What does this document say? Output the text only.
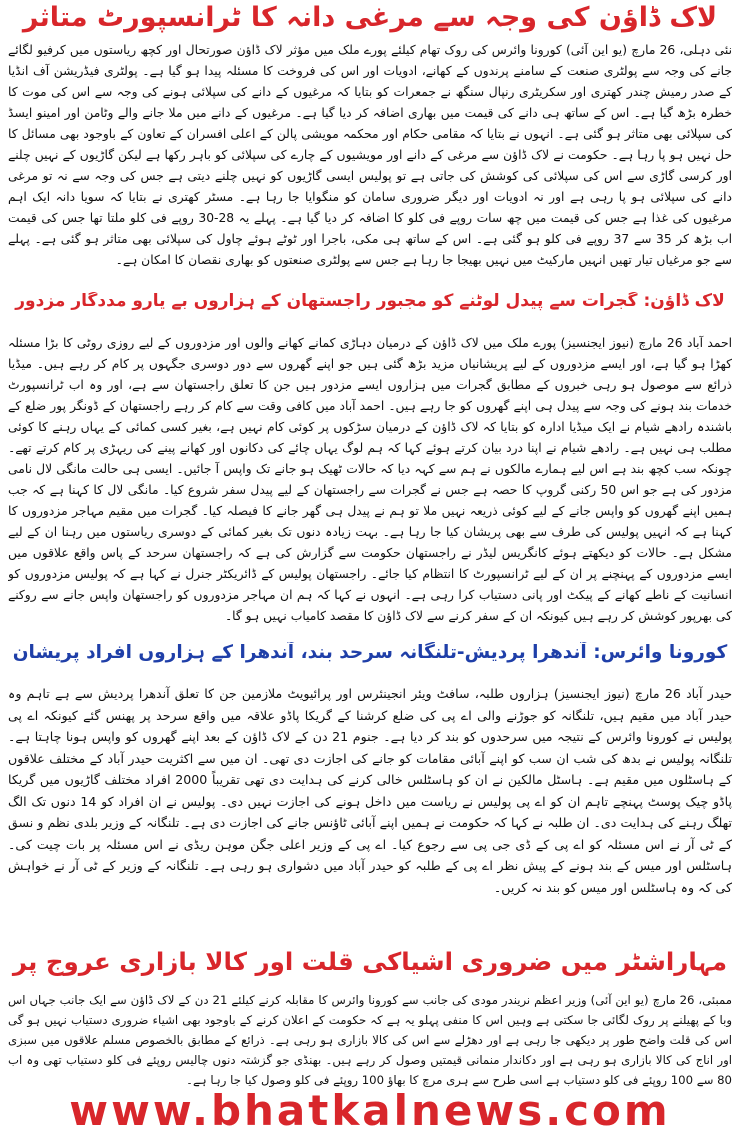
لاک ڈاؤن کی وجہ سے مرغی دانہ کا ٹرانسپورٹ متاثر
نئی دہلی، 26 مارچ (یو این آئی) کورونا وائرس کی روک تھام کیلئے پورے ملک میں مؤثر لاک ڈاؤن صورتحال اور کچھ ریاستوں میں کرفیو لگائے جانے کی وجہ سے پولٹری صنعت کے سامنے پرندوں کے کھانے، ادویات اور اس کی فروخت کا مسئلہ پیدا ہو گیا ہے۔ پولٹری فیڈریشن آف انڈیا کے صدر رمیش چندر کھتری اور سکریٹری رنپال سنگھ نے جمعرات کو بتایا کہ مرغیوں کے دانے کی سپلائی ہونے کی وجہ سے اس کی موت کا خطرہ بڑھ گیا ہے۔ اس کے ساتھ ہی دانے کی قیمت میں بھاری اضافہ کر دیا گیا ہے۔ مرغیوں کے دانے میں ملا جانے والے وٹامن اور امینو ایسڈ کی سپلائی بھی متاثر ہو گئی ہے۔ انہوں نے بتایا کہ مقامی حکام اور محکمہ مویشی پالن کے اعلی افسران کے تعاون کے باوجود بھی مسائل کا حل نہیں ہو پا رہا ہے۔ حکومت نے لاک ڈاؤن سے مرغی کے دانے اور مویشیوں کے چارے کی سپلائی کو باہر رکھا ہے لیکن گاڑیوں کے نہیں چلنے اور کرسی گاڑی سے اس کی سپلائی کی کوشش کی جاتی ہے تو پولیس ایسی گاڑیوں کو نہیں چلنے دیتی ہے جس کی وجہ سے نہ تو مرغی دانے کی سپلائی ہو پا رہی ہے اور نہ ادویات اور دیگر ضروری سامان کو منگوایا جا رہا ہے۔ مسٹر کھتری نے بتایا کہ سویا دانہ ایک اہم مرغیوں کی غذا ہے جس کی قیمت میں چھ سات روپے فی کلو کا اضافہ کر دیا گیا ہے۔ پہلے یہ 28-30 روپے فی کلو ملتا تھا جس کی قیمت اب بڑھ کر 35 سے 37 روپے فی کلو ہو گئی ہے۔ اس کے ساتھ ہی مکی، باجرا اور ٹوٹے ہوئے چاول کی سپلائی بھی متاثر ہو گئی ہے۔ پہلے سے جو مرغیاں تیار تھیں انہیں مارکیٹ میں نہیں بھیجا جا رہا ہے جس سے پولٹری صنعتوں کو بھاری نقصان کا امکان ہے۔
لاک ڈاؤن: گجرات سے پیدل لوٹنے کو مجبور راجستھان کے ہزاروں بے یارو مددگار مزدور
احمد آباد 26 مارچ (نیوز ایجنسیز) پورے ملک میں لاک ڈاؤن کے درمیان دہاڑی کمانے کھانے والوں اور مزدوروں کے لیے روزی روٹی کا بڑا مسئلہ کھڑا ہو گیا ہے، اور ایسے مزدوروں کے لیے پریشانیاں مزید بڑھ گئی ہیں جو اپنے گھروں سے دور دوسری جگہوں پر کام کر رہے ہیں۔ میڈیا ذرائع سے موصول ہو رہی خبروں کے مطابق گجرات میں ہزاروں ایسے مزدور ہیں جن کا تعلق راجستھان سے ہے، اور وہ اب ٹرانسپورٹ خدمات بند ہونے کی وجہ سے پیدل ہی اپنے گھروں کو جا رہے ہیں۔ احمد آباد میں کافی وقت سے کام کر رہے راجستھان کے ڈونگر پور ضلع کے باشندہ رادھے شیام نے ایک میڈیا ادارہ کو بتایا کہ لاک ڈاؤن کے درمیان سڑکوں پر کوئی کام نہیں ہے، بغیر کسی کمائی کے یہاں رہنے کا کوئی مطلب ہی نہیں ہے۔ رادھے شیام نے اپنا درد بیان کرتے ہوئے کہا کہ ہم لوگ یہاں چائے کی دکانوں اور کھانے پینے کی ریہڑی پر کام کرتے تھے۔ چونکہ سب کچھ بند ہے اس لیے ہمارے مالکوں نے ہم سے کہہ دیا کہ حالات ٹھیک ہو جانے تک واپس آ جائیں۔ ایسی ہی حالت مانگی لال نامی مزدور کی ہے جو اس 50 رکنی گروپ کا حصہ ہے جس نے گجرات سے راجستھان کے لیے پیدل سفر شروع کیا۔ مانگی لال کا کہنا ہے کہ جب ہمیں اپنے گھروں کو واپس جانے کے لیے کوئی ذریعہ نہیں ملا تو ہم نے پیدل ہی گھر جانے کا فیصلہ کیا۔ گجرات میں مقیم مہاجر مزدوروں کا کہنا ہے کہ انہیں پولیس کی طرف سے بھی پریشان کیا جا رہا ہے۔ بہت زیادہ دنوں تک بغیر کمائی کے دوسری ریاستوں میں رہنا ان کے لیے مشکل ہے۔ حالات کو دیکھتے ہوئے کانگریس لیڈر نے راجستھان حکومت سے گزارش کی ہے کہ راجستھان سرحد کے پاس واقع علاقوں میں ایسے مزدوروں کے پہنچنے پر ان کے لیے ٹرانسپورٹ کا انتظام کیا جائے۔ راجستھان پولیس کے ڈائریکٹر جنرل نے کہا ہے کہ پولیس مزدوروں کو انسانیت کے ناطے کھانے کے پیکٹ اور پانی دستیاب کرا رہی ہے۔ انہوں نے کہا کہ ہم ان مہاجر مزدوروں کو راجستھان واپس جانے سے روکنے کی بھرپور کوشش کر رہے ہیں کیونکہ ان کے سفر کرنے سے لاک ڈاؤن کا مقصد کامیاب نہیں ہو گا۔
کورونا وائرس: آندھرا پردیش-تلنگانہ سرحد بند، آندھرا کے ہزاروں افراد پریشان
حیدر آباد 26 مارچ (نیوز ایجنسیز) ہزاروں طلبہ، سافٹ ویئر انجینئرس اور پرائیویٹ ملازمین جن کا تعلق آندھرا پردیش سے ہے تاہم وہ حیدر آباد میں مقیم ہیں، تلنگانہ کو جوڑنے والی اے پی کی ضلع کرشنا کے گریکا پاڈو علاقہ میں واقع سرحد پر پھنس گئے کیونکہ اے پی پولیس نے کورونا وائرس کے نتیجہ میں سرحدوں کو بند کر دیا ہے۔ جنوم 21 دن کے لاک ڈاؤن کے بعد اپنے گھروں کو واپس ہونا چاہتا ہے۔ تلنگانہ پولیس نے بدھ کی شب ان سب کو اپنے آبائی مقامات کو جانے کی اجازت دی تھی۔ ان میں سے اکثریت حیدر آباد کے مختلف علاقوں کے ہاسٹلوں میں مقیم ہے۔ ہاسٹل مالکین نے ان کو ہاسٹلس خالی کرنے کی ہدایت دی تھی تقریباً 2000 افراد مختلف گاڑیوں میں گریکا پاڈو چیک پوسٹ پہنچے تاہم ان کو اے پی پولیس نے ریاست میں داخل ہونے کی اجازت نہیں دی۔ پولیس نے ان افراد کو 14 دنوں تک الگ تھلگ رہنے کی ہدایت دی۔ ان طلبہ نے کہا کہ حکومت نے ہمیں اپنے آبائی ٹاؤنس جانے کی اجازت دی ہے۔ تلنگانہ کے وزیر بلدی نظم و نسق کے ٹی آر نے اس مسئلہ کو اے پی کے ڈی جی پی سے رجوع کیا۔ اے پی کے وزیر اعلی جگن موہن ریڈی نے اس مسئلہ پر بات چیت کی۔ ہاسٹلس اور میس کے بند ہونے کے پیش نظر اے پی کے طلبہ کو حیدر آباد میں دشواری ہو رہی ہے۔ تلنگانہ کے وزیر کے ٹی آر نے خواہش کی کہ وہ ہاسٹلس اور میس کو بند نہ کریں۔
مہاراشٹر میں ضروری اشیاکی قلت اور کالا بازاری عروج پر
ممبئی، 26 مارچ (یو این آئی) وزیر اعظم نریندر مودی کی جانب سے کورونا وائرس کا مقابلہ کرنے کیلئے 21 دن کے لاک ڈاؤن سے ایک جانب جہاں اس وبا کے پھیلنے پر روک لگائی جا سکتی ہے وہیں اس کا منفی پہلو یہ ہے کہ حکومت کے اعلان کرنے کے باوجود بھی اشیاء ضروری دستیاب نہیں ہو گی اس کی قلت واضح طور پر دیکھی جا رہی ہے اور دھڑلے سے اس کی کالا بازاری ہو رہی ہے۔ ذرائع کے مطابق بالخصوص مسلم علاقوں میں سبزی اور اناج کی کالا بازاری ہو رہی ہے اور دکاندار منمانی قیمتیں وصول کر رہے ہیں۔ بھنڈی جو گزشتہ دنوں چالیس روپئے فی کلو دستیاب تھی وہ اب 80 سے 100 روپئے فی کلو دستیاب ہے اسی طرح سے ہری مرچ کا بھاؤ 100 روپئے فی کلو وصول کیا جا رہا ہے۔
www.bhatkalnews.com
